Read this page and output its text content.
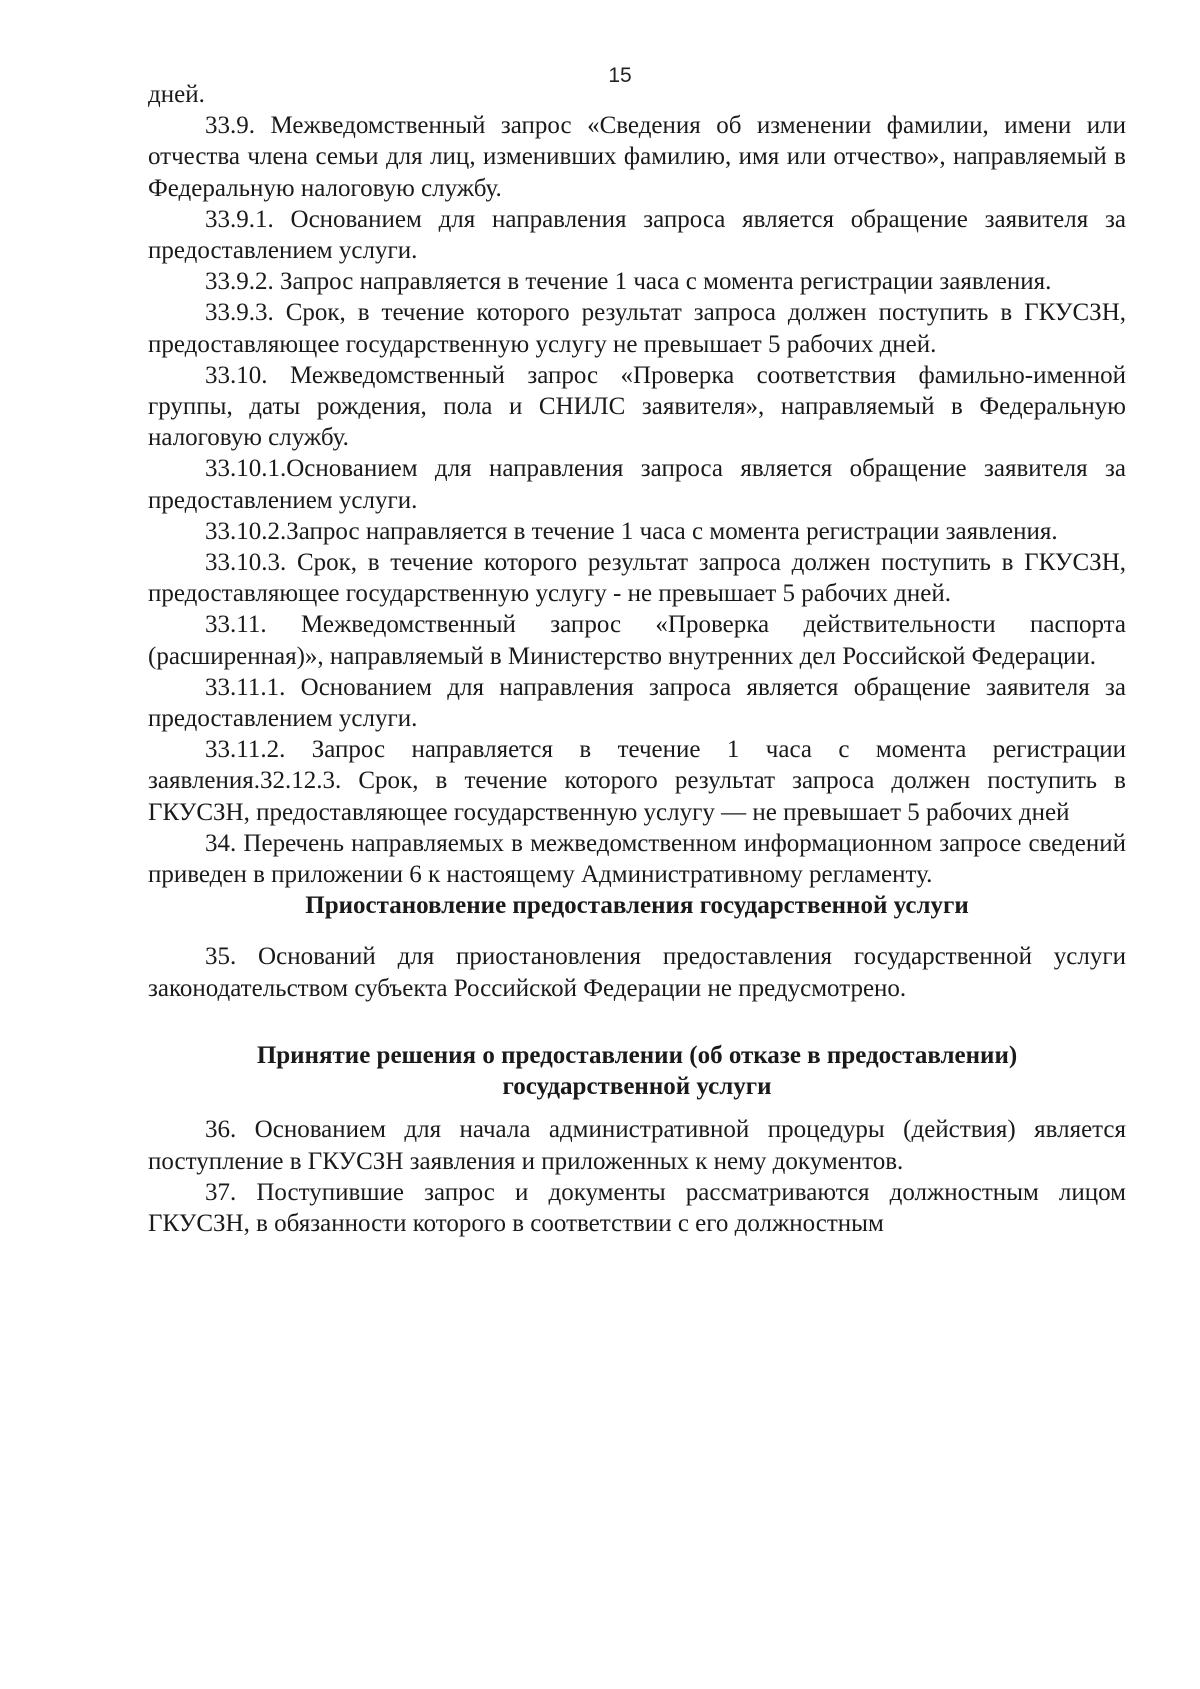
15

дней.

33.9. Межведомственный запрос «Сведения об изменении фамилии, имени или отчества члена семьи для лиц, изменивших фамилию, имя или отчество», направляемый в Федеральную налоговую службу.

33.9.1. Основанием для направления запроса является обращение заявителя за предоставлением услуги.

33.9.2. Запрос направляется в течение 1 часа с момента регистрации заявления.

33.9.3. Срок, в течение которого результат запроса должен поступить в ГКУСЗН, предоставляющее государственную услугу не превышает 5 рабочих дней.

33.10. Межведомственный запрос «Проверка соответствия фамильно-именной группы, даты рождения, пола и СНИЛС заявителя», направляемый в Федеральную налоговую службу.

33.10.1.Основанием для направления запроса является обращение заявителя за предоставлением услуги.

33.10.2.Запрос направляется в течение 1 часа с момента регистрации заявления.

33.10.3. Срок, в течение которого результат запроса должен поступить в ГКУСЗН, предоставляющее государственную услугу - не превышает 5 рабочих дней.

33.11. Межведомственный запрос «Проверка действительности паспорта (расширенная)», направляемый в Министерство внутренних дел Российской Федерации.

33.11.1. Основанием для направления запроса является обращение заявителя за предоставлением услуги.

33.11.2. Запрос направляется в течение 1 часа с момента регистрации заявления.32.12.3. Срок, в течение которого результат запроса должен поступить в ГКУСЗН, предоставляющее государственную услугу — не превышает 5 рабочих дней

34. Перечень направляемых в межведомственном информационном запросе сведений приведен в приложении 6 к настоящему Административному регламенту.

Приостановление предоставления государственной услуги

35. Оснований для приостановления предоставления государственной услуги законодательством субъекта Российской Федерации не предусмотрено.

Принятие решения о предоставлении (об отказе в предоставлении)

государственной услуги

36. Основанием для начала административной процедуры (действия) является поступление в ГКУСЗН заявления и приложенных к нему документов.

37. Поступившие запрос и документы рассматриваются должностным лицом ГКУСЗН, в обязанности которого в соответствии с его должностным
